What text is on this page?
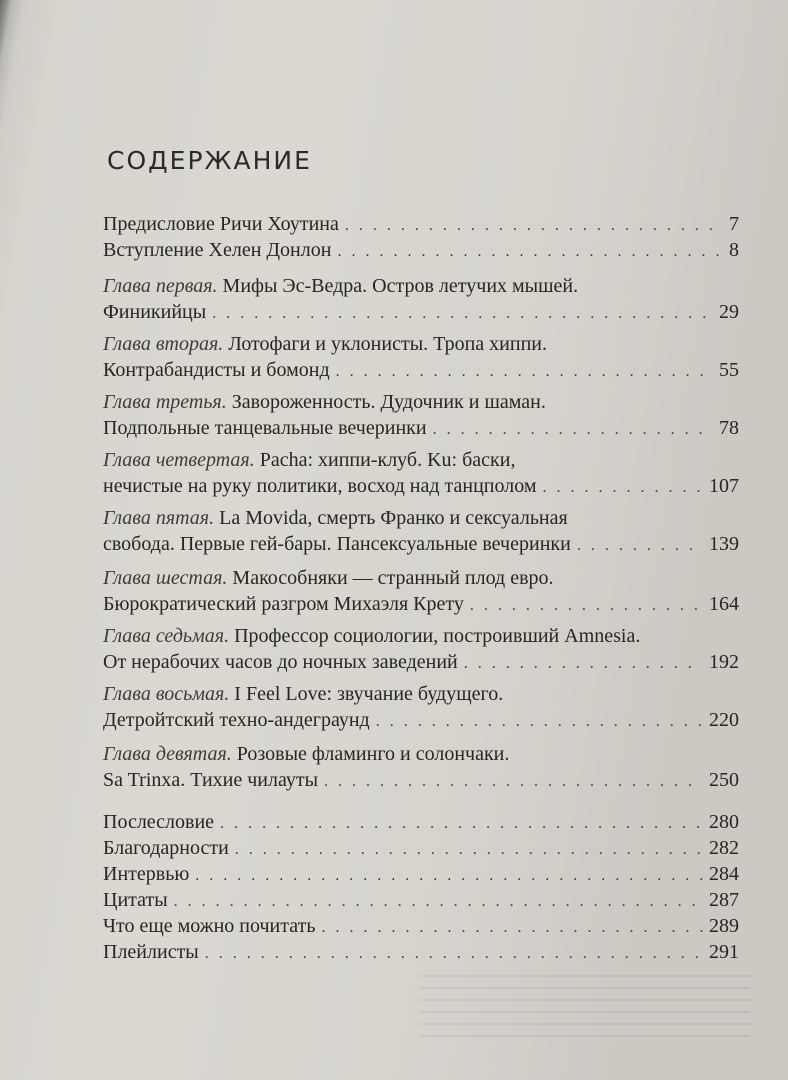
СОДЕРЖАНИЕ
Предисловие Ричи Хоутина . . .	7
Вступление Хелен Донлон . . .	8
Глава первая. Мифы Эс-Ведра. Остров летучих мышей.
Финикийцы . . .	29
Глава вторая. Лотофаги и уклонисты. Тропа хиппи.
Контрабандисты и бомонд . . .	55
Глава третья. Завороженность. Дудочник и шаман.
Подпольные танцевальные вечеринки . . .	78
Глава четвертая. Pacha: хиппи-клуб. Ku: баски,
нечистые на руку политики, восход над танцполом . . .	107
Глава пятая. La Movida, смерть Франко и сексуальная
свобода. Первые гей-бары. Пансексуальные вечеринки . . .	139
Глава шестая. Макособняки — странный плод евро.
Бюрократический разгром Михаэля Крету . . .	164
Глава седьмая. Профессор социологии, построивший Amnesia.
От нерабочих часов до ночных заведений . . .	192
Глава восьмая. I Feel Love: звучание будущего.
Детройтский техно-андеграунд . . .	220
Глава девятая. Розовые фламинго и солончаки.
Sa Trinxa. Тихие чилауты . . .	250
Послесловие . . .	280
Благодарности . . .	282
Интервью . . .	284
Цитаты . . .	287
Что еще можно почитать . . .	289
Плейлисты . . .	291
